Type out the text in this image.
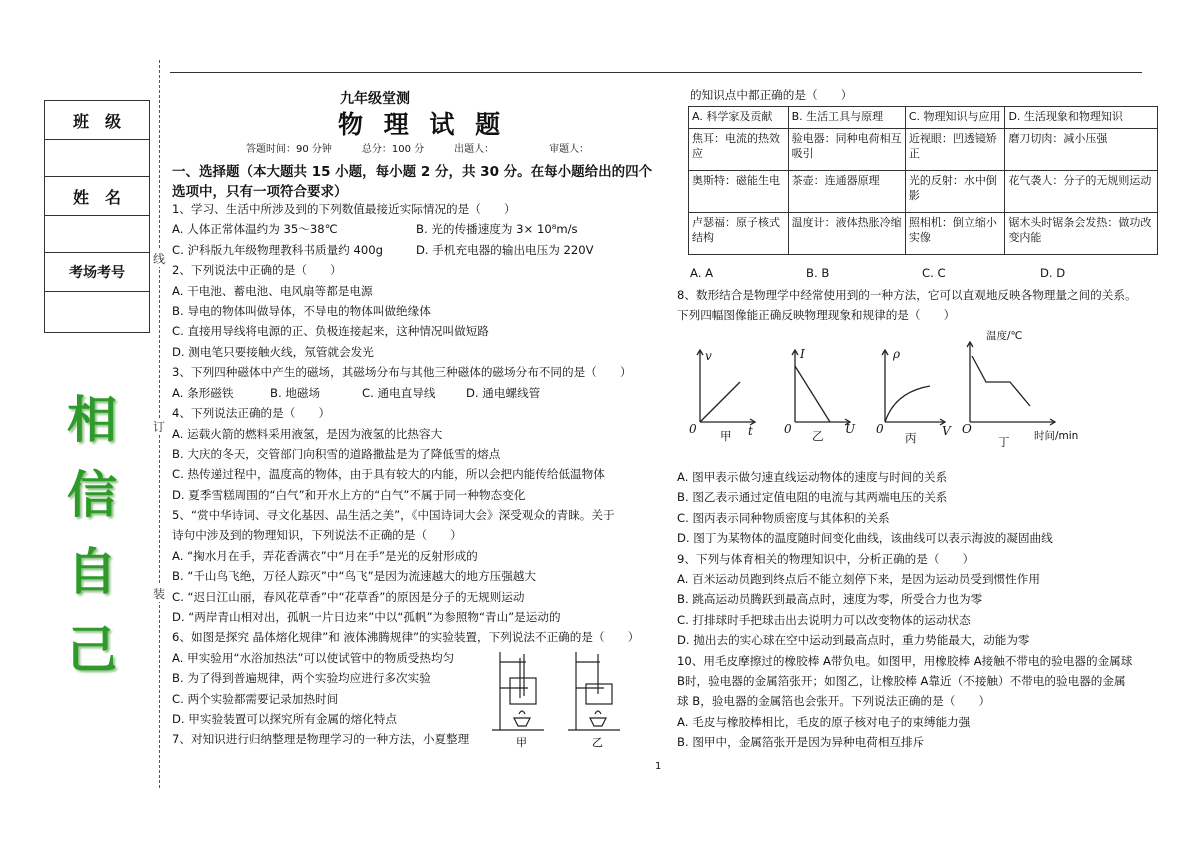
班　级

姓　名

考场考号

相
信
自
己
线
订
装
九年级堂测
物 理 试 题
答题时间：90 分钟　　　总分：100 分　　　出题人：　　　　　　审题人：
一、选择题（本大题共 15 小题，每小题 2 分，共 30 分。在每小题给出的四个
选项中，只有一项符合要求）
1、学习、生活中所涉及到的下列数值最接近实际情况的是（　　）
A. 人体正常体温约为 35～38℃	B. 光的传播速度为 3× 10⁸m/s
C. 沪科版九年级物理教科书质量约 400g	D. 手机充电器的输出电压为 220V
2、下列说法中正确的是（　　）
A. 干电池、蓄电池、电风扇等都是电源
B. 导电的物体叫做导体，不导电的物体叫做绝缘体
C. 直接用导线将电源的正、负极连接起来，这种情况叫做短路
D. 测电笔只要接触火线，氖管就会发光
3、下列四种磁体中产生的磁场，其磁场分布与其他三种磁体的磁场分布不同的是（　　）
A. 条形磁铁	B. 地磁场	C. 通电直导线	D. 通电螺线管
4、下列说法正确的是（　　）
A. 运载火箭的燃料采用液氢，是因为液氢的比热容大
B. 大庆的冬天，交管部门向积雪的道路撒盐是为了降低雪的熔点
C. 热传递过程中，温度高的物体，由于具有较大的内能，所以会把内能传给低温物体
D. 夏季雪糕周围的“白气”和开水上方的“白气”不属于同一种物态变化
5、“赏中华诗词、寻文化基因、品生活之美”，《中国诗词大会》深受观众的青睐。关于
诗句中涉及到的物理知识，下列说法不正确的是（　　）
A. “掬水月在手，弄花香满衣”中“月在手”是光的反射形成的
B. “千山鸟飞绝，万径人踪灭”中“鸟飞”是因为流速越大的地方压强越大
C. “迟日江山丽，春风花草香”中“花草香”的原因是分子的无规则运动
D. “两岸青山相对出，孤帆一片日边来”中以“孤帆”为参照物“青山”是运动的
6、如图是探究 晶体熔化规律”和 液体沸腾规律”的实验装置，下列说法不正确的是（　　）
A. 甲实验用“水浴加热法”可以使试管中的物质受热均匀
B. 为了得到普遍规律，两个实验均应进行多次实验
C. 两个实验都需要记录加热时间
D. 甲实验装置可以探究所有金属的熔化特点
7、对知识进行归纳整理是物理学习的一种方法，小夏整理	甲	乙
的知识点中都正确的是（　　）
A. 科学家及贡献	B. 生活工具与原理	C. 物理知识与应用	D. 生活现象和物理知识
焦耳：电流的热效应	验电器：同种电荷相互吸引	近视眼：凹透镜矫正	磨刀切肉：减小压强
奥斯特：磁能生电	茶壶：连通器原理	光的反射：水中倒影	花气袭人：分子的无规则运动
卢瑟福：原子核式结构	温度计：液体热胀冷缩	照相机：倒立缩小实像	锯木头时锯条会发热：做功改变内能
A. A	B. B	C. C	D. D
8、数形结合是物理学中经常使用到的一种方法，它可以直观地反映各物理量之间的关系。
下列四幅图像能正确反映物理现象和规律的是（　　）
v
t
0 甲
I
U
0 乙
ρ
V
0
丙
温度/℃
时间/min
O
丁
A. 图甲表示做匀速直线运动物体的速度与时间的关系
B. 图乙表示通过定值电阻的电流与其两端电压的关系
C. 图丙表示同种物质密度与其体积的关系
D. 图丁为某物体的温度随时间变化曲线，该曲线可以表示海波的凝固曲线
9、下列与体育相关的物理知识中，分析正确的是（　　）
A. 百米运动员跑到终点后不能立刻停下来，是因为运动员受到惯性作用
B. 跳高运动员腾跃到最高点时，速度为零，所受合力也为零
C. 打排球时手把球击出去说明力可以改变物体的运动状态
D. 抛出去的实心球在空中运动到最高点时，重力势能最大，动能为零
10、用毛皮摩擦过的橡胶棒 A带负电。如图甲，用橡胶棒 A接触不带电的验电器的金属球
B时，验电器的金属箔张开；如图乙，让橡胶棒 A靠近（不接触）不带电的验电器的金属
球 B，验电器的金属箔也会张开。下列说法正确的是（　　）
A. 毛皮与橡胶棒相比，毛皮的原子核对电子的束缚能力强
B. 图甲中，金属箔张开是因为异种电荷相互排斥
1
